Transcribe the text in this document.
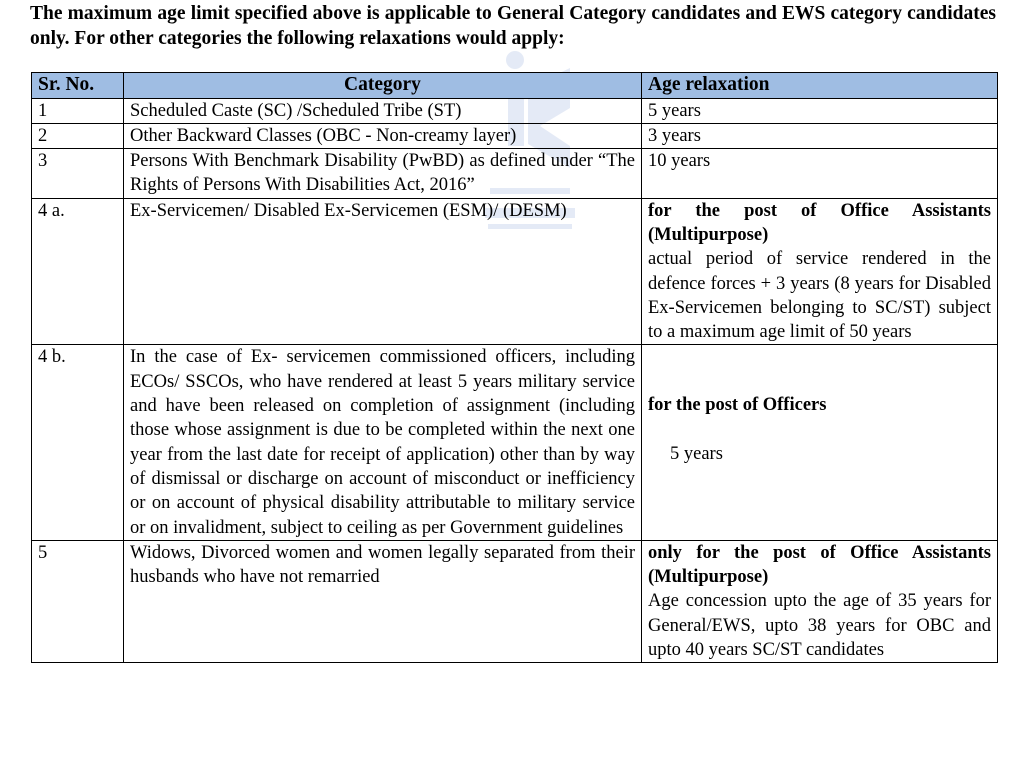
The maximum age limit specified above is applicable to General Category candidates and EWS category candidates only. For other categories the following relaxations would apply:

Sr. No.	Category	Age relaxation
1	Scheduled Caste (SC) /Scheduled Tribe (ST)	5 years
2	Other Backward Classes (OBC - Non-creamy layer)	3 years
3	Persons With Benchmark Disability (PwBD) as defined under “The Rights of Persons With Disabilities Act, 2016”	10 years
4 a.	Ex-Servicemen/ Disabled Ex-Servicemen (ESM)/ (DESM)	for the post of Office Assistants (Multipurpose)
actual period of service rendered in the defence forces + 3 years (8 years for Disabled Ex-Servicemen belonging to SC/ST) subject to a maximum age limit of 50 years

4 b.	In the case of Ex- servicemen commissioned officers, including ECOs/ SSCOs, who have rendered at least 5 years military service and have been released on completion of assignment (including those whose assignment is due to be completed within the next one year from the last date for receipt of application) other than by way of dismissal or discharge on account of misconduct or inefficiency or on account of physical disability attributable to military service or on invalidment, subject to ceiling as per Government guidelines	for the post of Officers
5 years

5	Widows, Divorced women and women legally separated from their husbands who have not remarried	only for the post of Office Assistants (Multipurpose)
Age concession upto the age of 35 years for General/EWS, upto 38 years for OBC and upto 40 years SC/ST candidates
